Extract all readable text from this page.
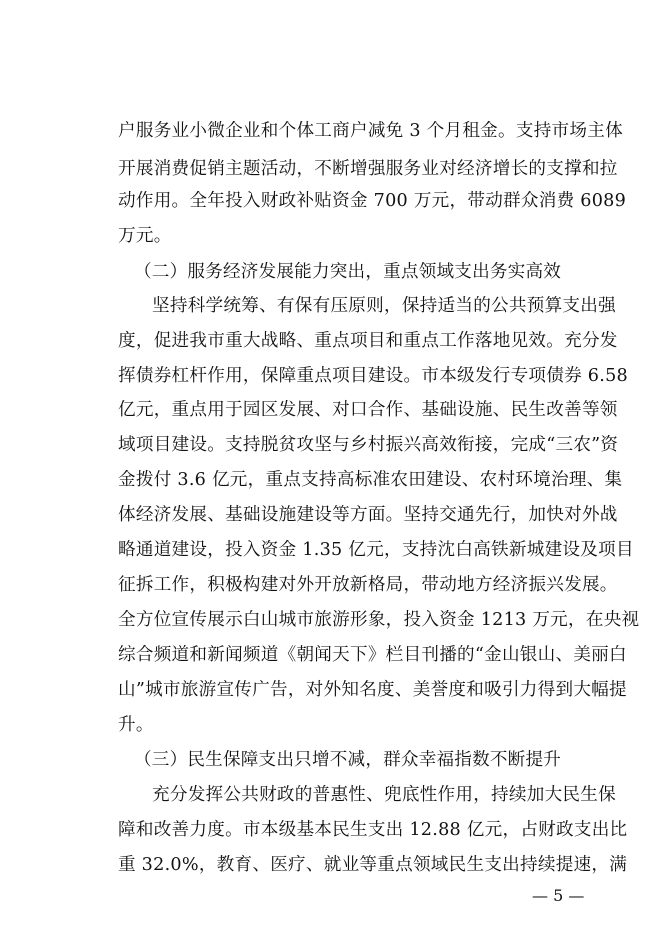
户服务业小微企业和个体工商户减免 3 个月租金。支持市场主体
开展消费促销主题活动，不断增强服务业对经济增长的支撑和拉
动作用。全年投入财政补贴资金 700 万元，带动群众消费 6089
万元。
（二）服务经济发展能力突出，重点领域支出务实高效
坚持科学统筹、有保有压原则，保持适当的公共预算支出强
度，促进我市重大战略、重点项目和重点工作落地见效。充分发
挥债券杠杆作用，保障重点项目建设。市本级发行专项债券 6.58
亿元，重点用于园区发展、对口合作、基础设施、民生改善等领
域项目建设。支持脱贫攻坚与乡村振兴高效衔接，完成“三农”资
金拨付 3.6 亿元，重点支持高标准农田建设、农村环境治理、集
体经济发展、基础设施建设等方面。坚持交通先行，加快对外战
略通道建设，投入资金 1.35 亿元，支持沈白高铁新城建设及项目
征拆工作，积极构建对外开放新格局，带动地方经济振兴发展。
全方位宣传展示白山城市旅游形象，投入资金 1213 万元，在央视
综合频道和新闻频道《朝闻天下》栏目刊播的“金山银山、美丽白
山”城市旅游宣传广告，对外知名度、美誉度和吸引力得到大幅提
升。
（三）民生保障支出只增不减，群众幸福指数不断提升
充分发挥公共财政的普惠性、兜底性作用，持续加大民生保
障和改善力度。市本级基本民生支出 12.88 亿元，占财政支出比
重 32.0%，教育、医疗、就业等重点领域民生支出持续提速，满
— 5 —
